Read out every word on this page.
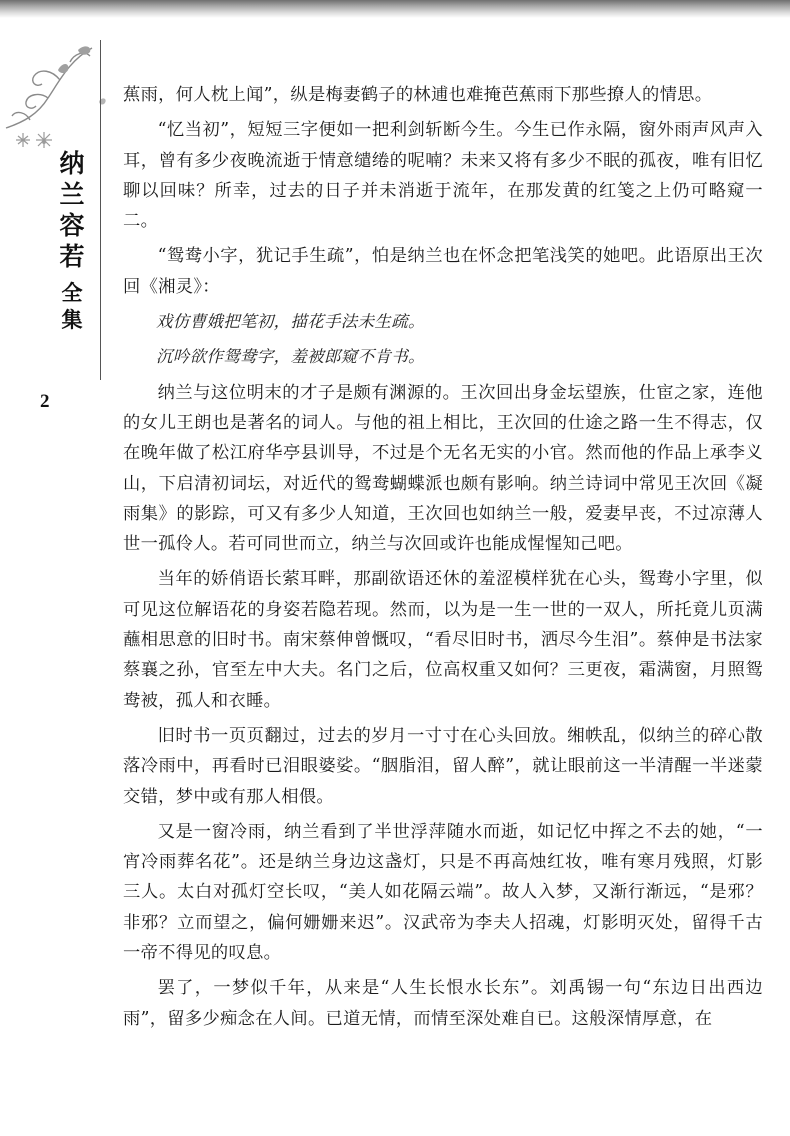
纳兰容若
全集
2

蕉雨，何人枕上闻”，纵是梅妻鹤子的林逋也难掩芭蕉雨下那些撩人的情思。

“忆当初”，短短三字便如一把利剑斩断今生。今生已作永隔，窗外雨声风声入耳，曾有多少夜晚流逝于情意缱绻的呢喃？未来又将有多少不眠的孤夜，唯有旧忆聊以回味？所幸，过去的日子并未消逝于流年，在那发黄的红笺之上仍可略窥一二。

“鸳鸯小字，犹记手生疏”，怕是纳兰也在怀念把笔浅笑的她吧。此语原出王次回《湘灵》：

戏仿曹娥把笔初，描花手法未生疏。

沉吟欲作鸳鸯字，羞被郎窥不肯书。

纳兰与这位明末的才子是颇有渊源的。王次回出身金坛望族，仕宦之家，连他的女儿王朗也是著名的词人。与他的祖上相比，王次回的仕途之路一生不得志，仅在晚年做了松江府华亭县训导，不过是个无名无实的小官。然而他的作品上承李义山，下启清初词坛，对近代的鸳鸯蝴蝶派也颇有影响。纳兰诗词中常见王次回《凝雨集》的影踪，可又有多少人知道，王次回也如纳兰一般，爱妻早丧，不过凉薄人世一孤伶人。若可同世而立，纳兰与次回或许也能成惺惺知己吧。

当年的娇俏语长萦耳畔，那副欲语还休的羞涩模样犹在心头，鸳鸯小字里，似可见这位解语花的身姿若隐若现。然而，以为是一生一世的一双人，所托竟儿页满蘸相思意的旧时书。南宋蔡伸曾慨叹，“看尽旧时书，洒尽今生泪”。蔡伸是书法家蔡襄之孙，官至左中大夫。名门之后，位高权重又如何？三更夜，霜满窗，月照鸳鸯被，孤人和衣睡。

旧时书一页页翻过，过去的岁月一寸寸在心头回放。缃帙乱，似纳兰的碎心散落冷雨中，再看时已泪眼婆娑。“胭脂泪，留人醉”，就让眼前这一半清醒一半迷蒙交错，梦中或有那人相偎。

又是一窗冷雨，纳兰看到了半世浮萍随水而逝，如记忆中挥之不去的她，“一宵冷雨葬名花”。还是纳兰身边这盏灯，只是不再高烛红妆，唯有寒月残照，灯影三人。太白对孤灯空长叹，“美人如花隔云端”。故人入梦，又渐行渐远，“是邪？非邪？立而望之，偏何姗姗来迟”。汉武帝为李夫人招魂，灯影明灭处，留得千古一帝不得见的叹息。

罢了，一梦似千年，从来是“人生长恨水长东”。刘禹锡一句“东边日出西边雨”，留多少痴念在人间。已道无情，而情至深处难自已。这般深情厚意，在
